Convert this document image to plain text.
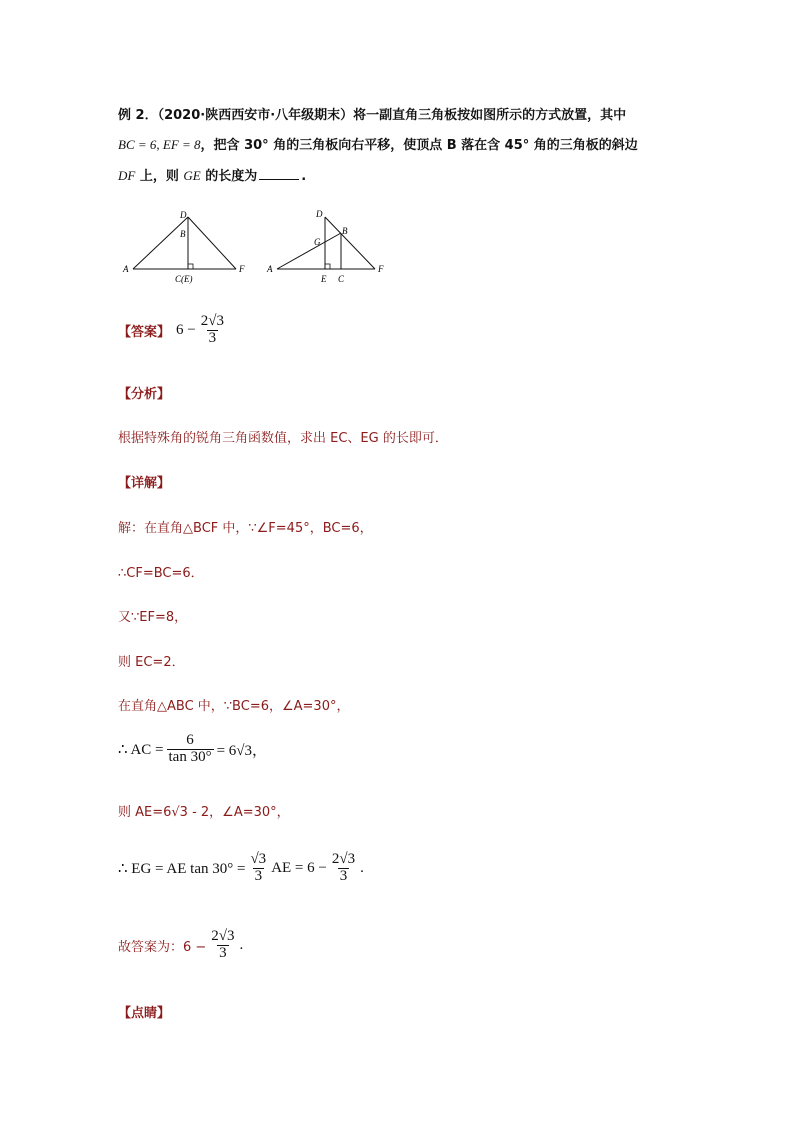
例 2．（2020·陕西西安市·八年级期末）将一副直角三角板按如图所示的方式放置，其中
BC = 6, EF = 8，把含 30° 角的三角板向右平移，使顶点 B 落在含 45° 角的三角板的斜边
DF 上，则 GE 的长度为	.
D
B
A
C(E)
F
D
G
B
A
E C
F
【答案】 $6 - \frac{2√3}{3}$
【分析】
根据特殊角的锐角三角函数值，求出 EC、EG 的长即可．
【详解】
解：在直角△BCF 中，∵∠F=45°，BC=6，
∴CF=BC=6．
又∵EF=8，
则 EC=2．
在直角△ABC 中，∵BC=6，∠A=30°，
∴ AC = $\frac{6}{\tan 30^\circ} = 6√3$，
则 AE=6√3 - 2，∠A=30°，
∴ EG = AE $\tan 30^\circ = \frac{√3}{3}$ AE = $6 - \frac{2√3}{3}$ .
故答案为：$6 - \frac{2√3}{3}$ .
【点睛】
